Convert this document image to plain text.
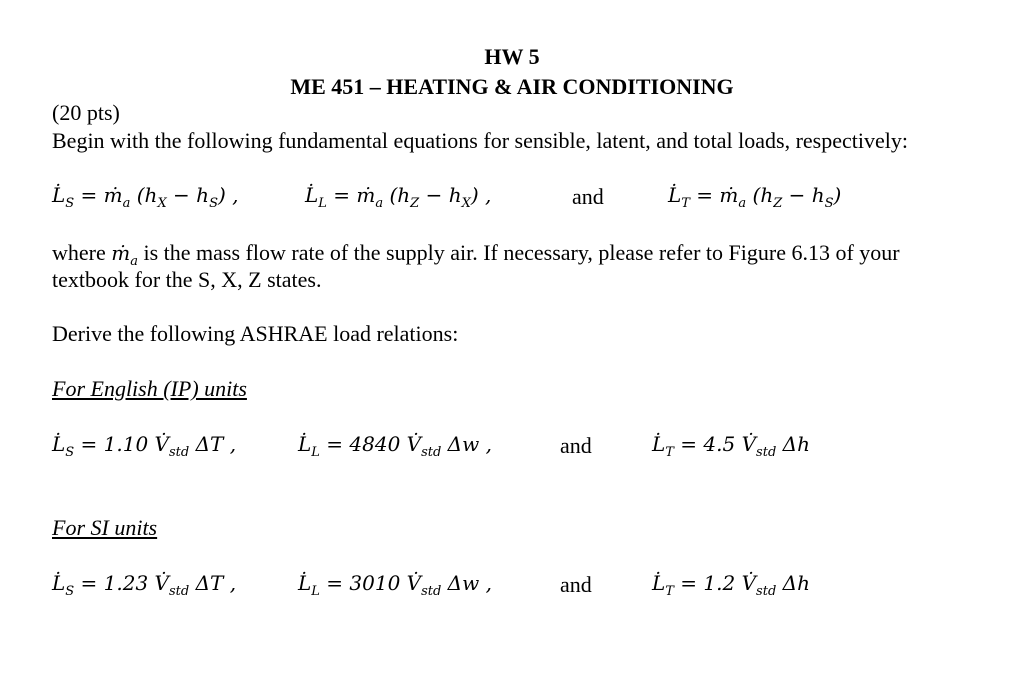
HW 5
ME 451 – HEATING & AIR CONDITIONING
(20 pts)
Begin with the following fundamental equations for sensible, latent, and total loads, respectively:
$L̇_S$ = ṁ$_a$ $(h_X - h_S)$ ,	$L̇_L$ = ṁ$_a$ $(h_Z - h_X)$ ,	and	$L̇_T$ = ṁ$_a$ $(h_Z - h_S)$
where ṁ$_a$ is the mass flow rate of the supply air. If necessary, please refer to Figure 6.13 of your
textbook for the S, X, Z states.
Derive the following ASHRAE load relations:
For English (IP) units
$L̇_S = 1.10$ $V̇_{std}$ ΔT ,	$L̇_L = 4840$ $V̇_{std}$ Δw ,	and	$L̇_T = 4.5$ $V̇_{std}$ Δh
For SI units
$L̇_S = 1.23$ $V̇_{std}$ ΔT ,	$L̇_L = 3010$ $V̇_{std}$ Δw ,	and	$L̇_T = 1.2$ $V̇_{std}$ Δh
